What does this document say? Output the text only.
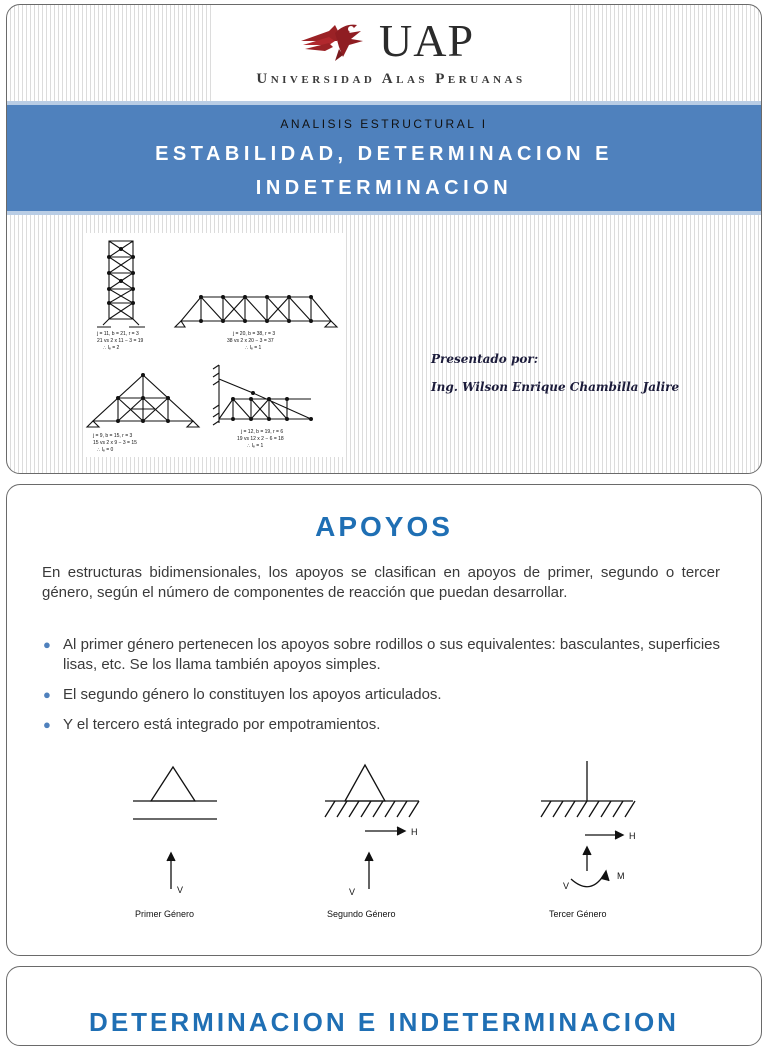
UAP
Universidad Alas Peruanas
ANALISIS ESTRUCTURAL I
ESTABILIDAD, DETERMINACION E
INDETERMINACION
j = 11, b = 21, r = 3
21 vs 2 x 11 − 3 = 19
∴ Iₑ = 2
j = 20, b = 38, r = 3
38 vs 2 x 20 − 3 = 37
∴ Iₑ = 1
j = 9, b = 15, r = 3
15 vs 2 x 9 − 3 = 15
∴ Iₑ = 0
j = 12, b = 19, r = 6
19 vs 12 x 2 − 6 = 18
∴ Iₑ = 1
Presentado por:
Ing. Wilson Enrique Chambilla Jalire
APOYOS
En estructuras bidimensionales, los apoyos se clasifican en apoyos de primer, segundo o tercer género, según el número de componentes de reacción que puedan desarrollar.
● Al primer género pertenecen los apoyos sobre rodillos o sus equivalentes: basculantes, superficies lisas, etc. Se los llama también apoyos simples.
● El segundo género lo constituyen los apoyos articulados.
● Y el tercero está integrado por empotramientos.
V
Primer Género
H
V
Segundo Género
H
V
M
Tercer Género
DETERMINACION E INDETERMINACION
